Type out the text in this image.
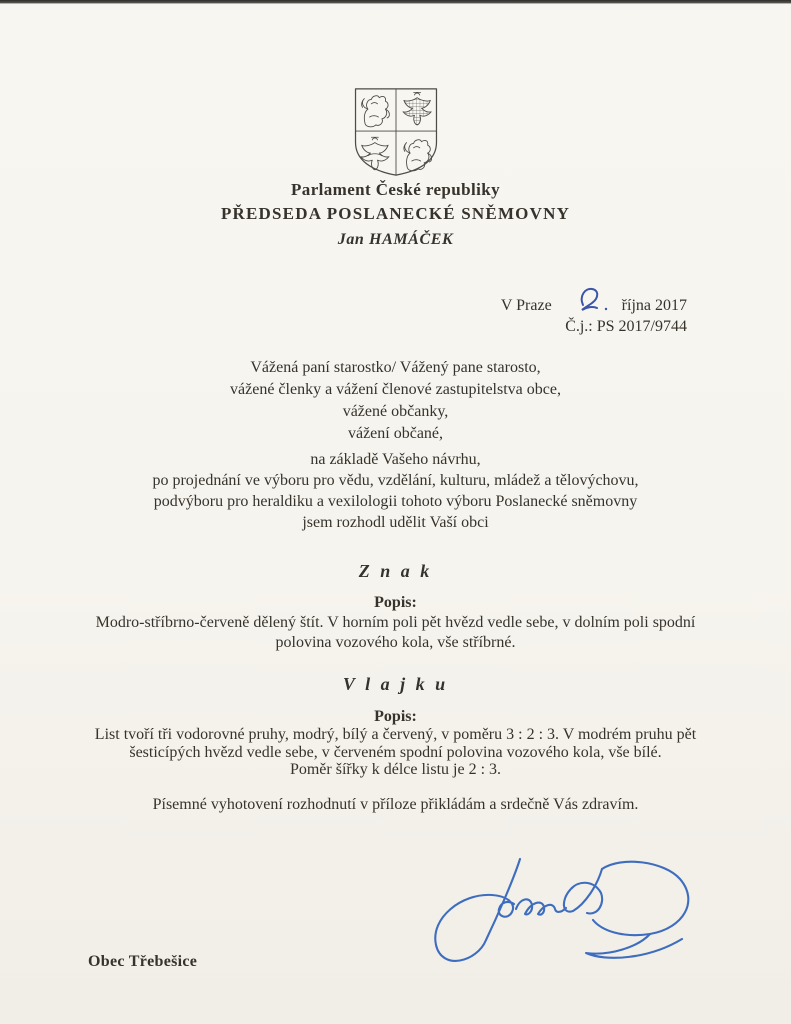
Parlament České republiky
PŘEDSEDA POSLANECKÉ SNĚMOVNY
Jan HAMÁČEK
V Praze	října 2017
Č.j.: PS 2017/9744
Vážená paní starostko/ Vážený pane starosto,
vážené členky a vážení členové zastupitelstva obce,
vážené občanky,
vážení občané,
na základě Vašeho návrhu,
po projednání ve výboru pro vědu, vzdělání, kulturu, mládež a tělovýchovu,
podvýboru pro heraldiku a vexilologii tohoto výboru Poslanecké sněmovny
jsem rozhodl udělit Vaší obci
Z n a k
Popis:
Modro-stříbrno-červeně dělený štít. V horním poli pět hvězd vedle sebe, v dolním poli spodní
polovina vozového kola, vše stříbrné.
V l a j k u
Popis:
List tvoří tři vodorovné pruhy, modrý, bílý a červený, v poměru 3 : 2 : 3. V modrém pruhu pět
šesticípých hvězd vedle sebe, v červeném spodní polovina vozového kola, vše bílé.
Poměr šířky k délce listu je 2 : 3.
Písemné vyhotovení rozhodnutí v příloze přikládám a srdečně Vás zdravím.
Obec Třebešice
